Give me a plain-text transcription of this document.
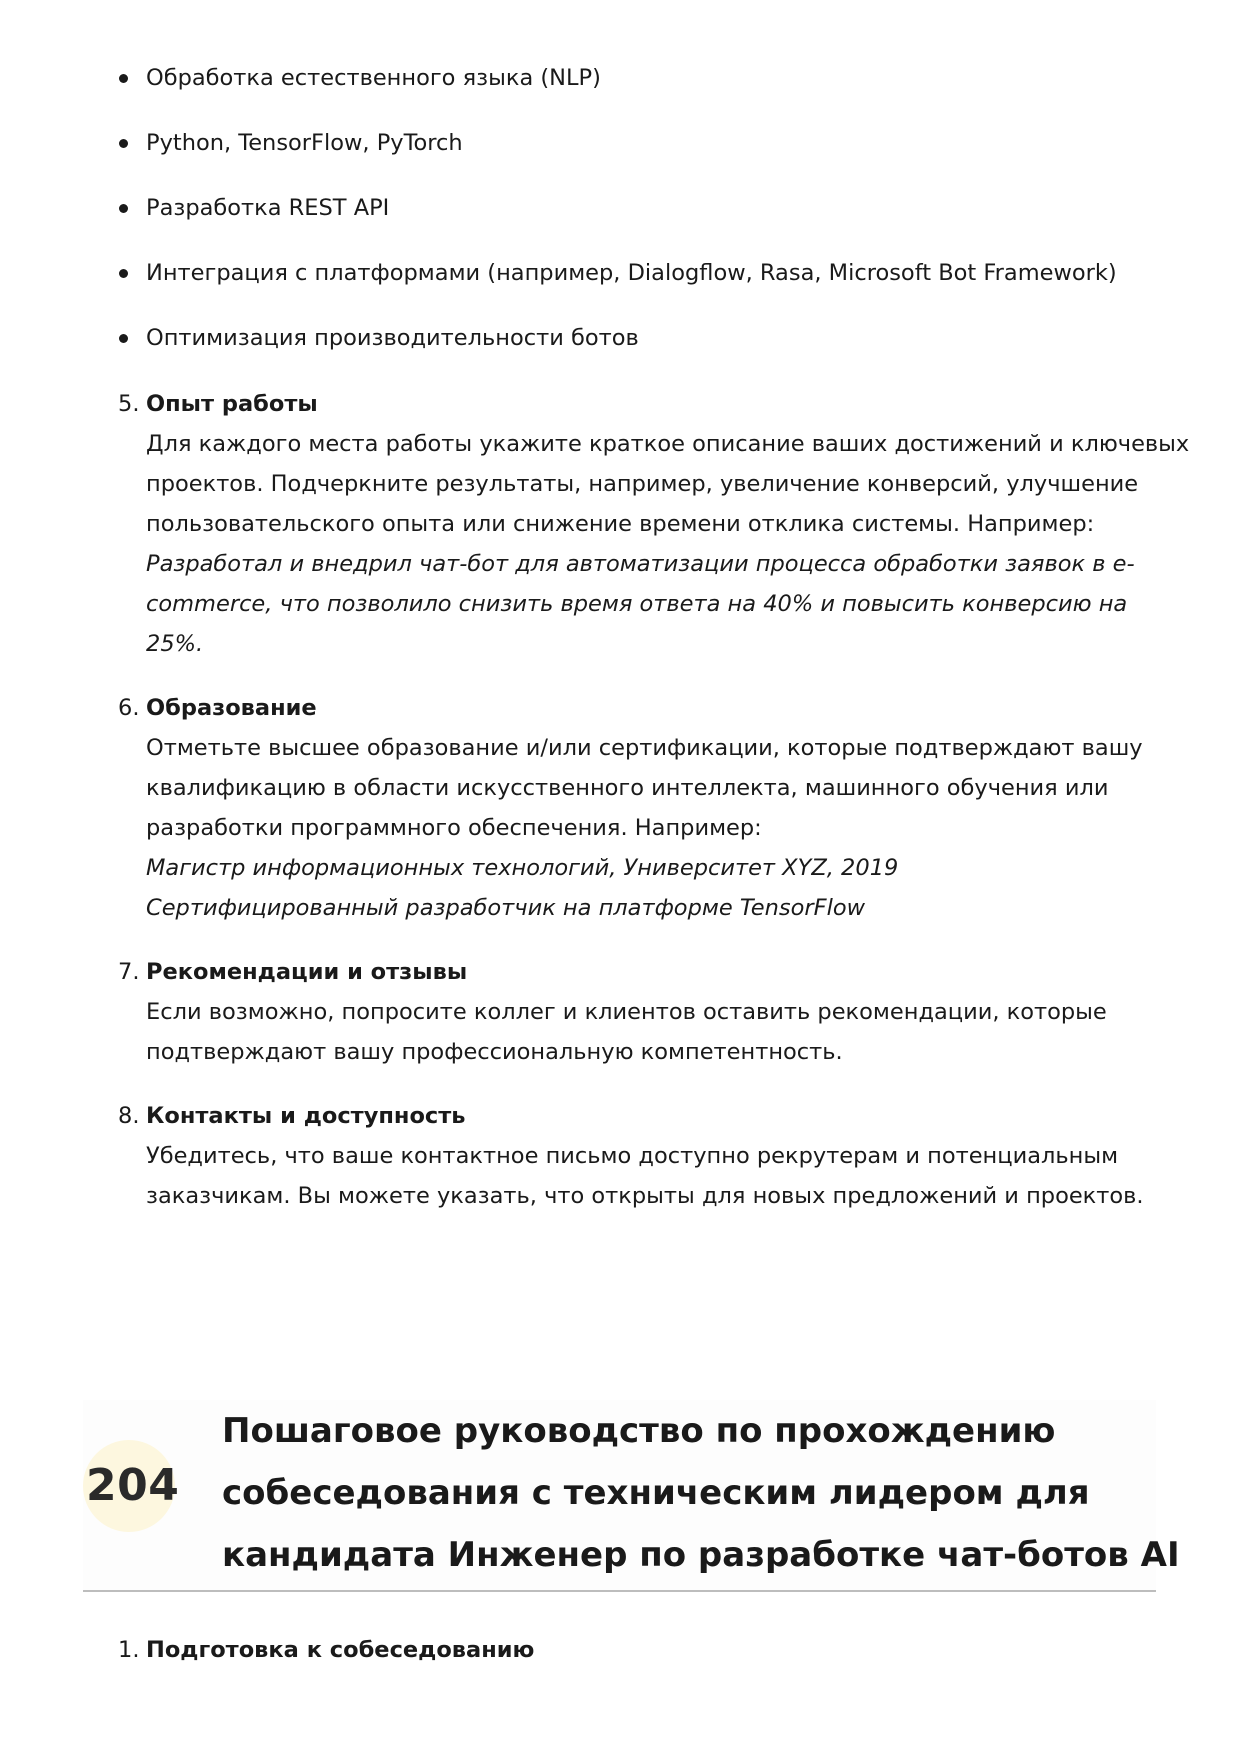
Обработка естественного языка (NLP)
Python, TensorFlow, PyTorch
Разработка REST API
Интеграция с платформами (например, Dialogflow, Rasa, Microsoft Bot Framework)
Оптимизация производительности ботов
5. Опыт работы
Для каждого места работы укажите краткое описание ваших достижений и ключевых
проектов. Подчеркните результаты, например, увеличение конверсий, улучшение
пользовательского опыта или снижение времени отклика системы. Например:
Разработал и внедрил чат-бот для автоматизации процесса обработки заявок в e-
commerce, что позволило снизить время ответа на 40% и повысить конверсию на
25%.
6. Образование
Отметьте высшее образование и/или сертификации, которые подтверждают вашу
квалификацию в области искусственного интеллекта, машинного обучения или
разработки программного обеспечения. Например:
Магистр информационных технологий, Университет XYZ, 2019
Сертифицированный разработчик на платформе TensorFlow
7. Рекомендации и отзывы
Если возможно, попросите коллег и клиентов оставить рекомендации, которые
подтверждают вашу профессиональную компетентность.
8. Контакты и доступность
Убедитесь, что ваше контактное письмо доступно рекрутерам и потенциальным
заказчикам. Вы можете указать, что открыты для новых предложений и проектов.
204
Пошаговое руководство по прохождению
собеседования с техническим лидером для
кандидата Инженер по разработке чат-ботов AI
1. Подготовка к собеседованию
